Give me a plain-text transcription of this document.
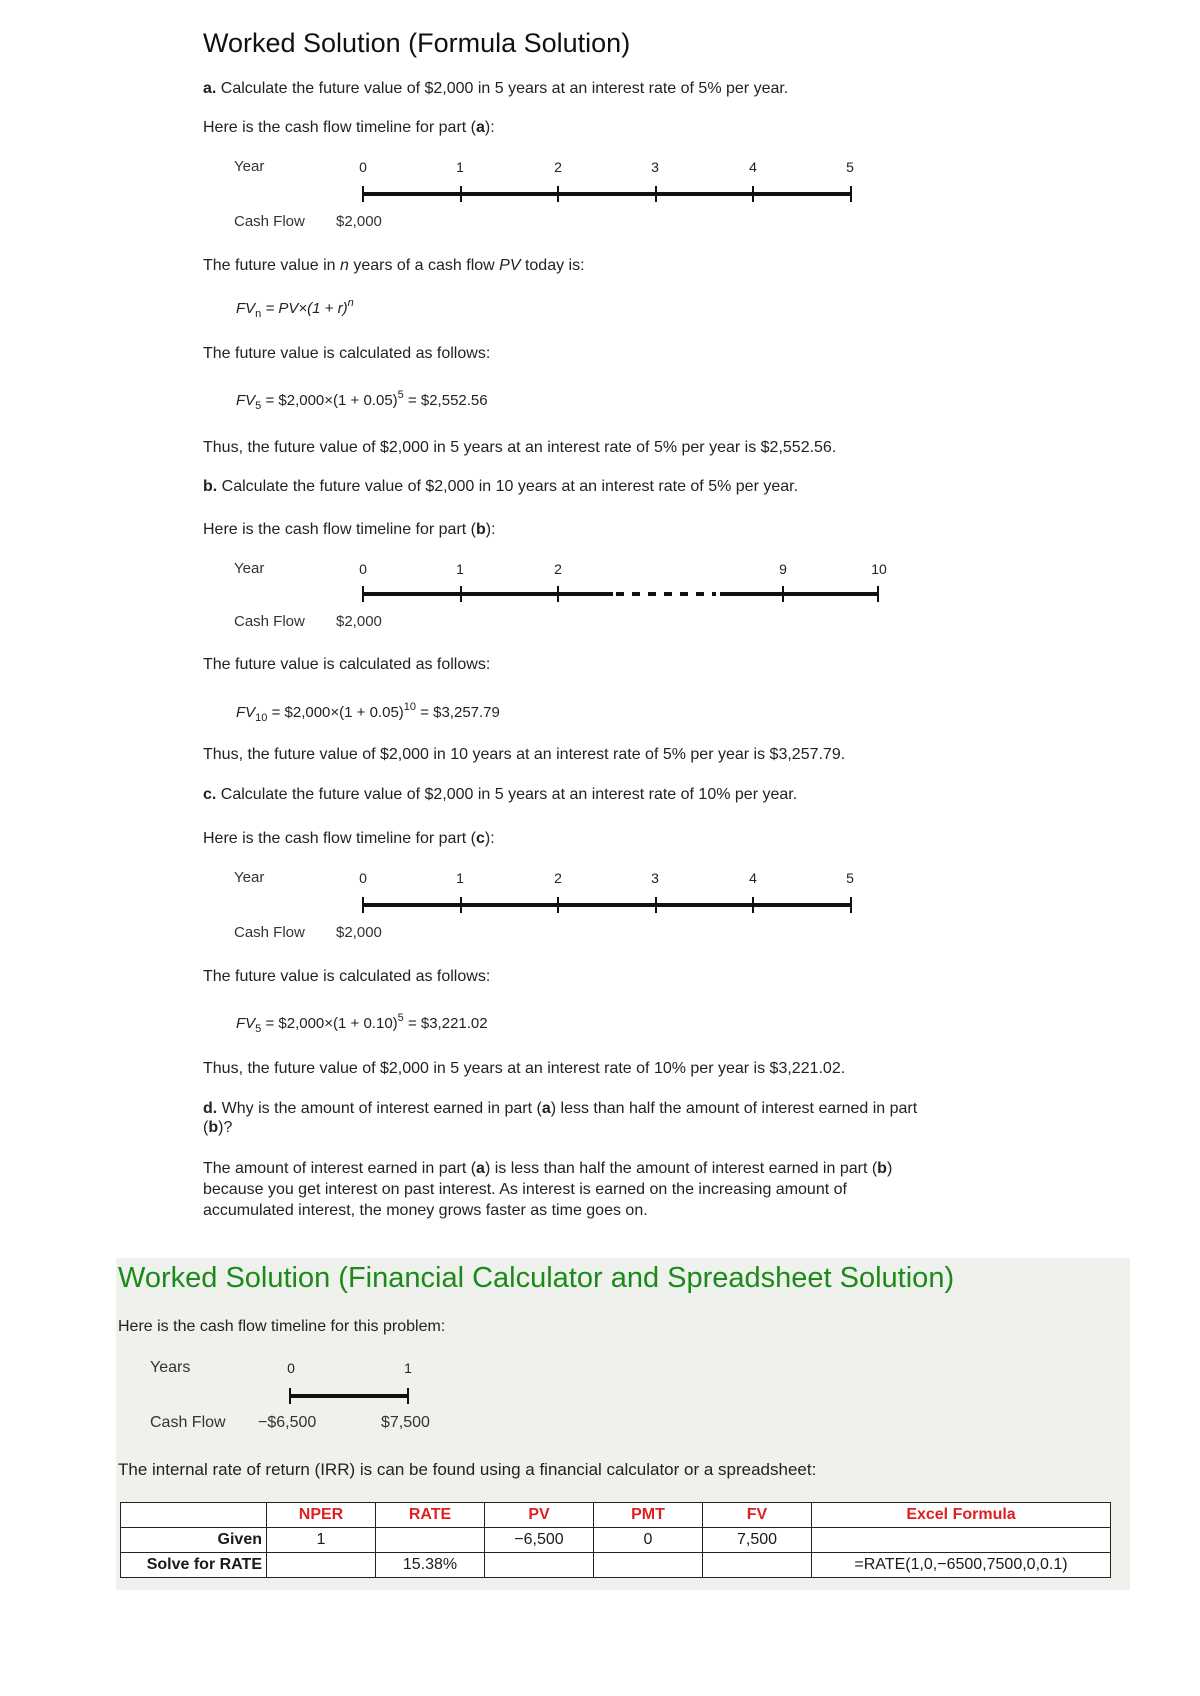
Worked Solution (Formula Solution)
a. Calculate the future value of $2,000 in 5 years at an interest rate of 5% per year.
Here is the cash flow timeline for part (a):
Year	0	1	2	3	4	5
Cash Flow $2,000
The future value in n years of a cash flow PV today is:
$FV_n = PV\times(1 + r)^n$
The future value is calculated as follows:
$FV_5$ = $2,000×(1 + 0.05)$^5$ = $2,552.56
Thus, the future value of $2,000 in 5 years at an interest rate of 5% per year is $2,552.56.
b. Calculate the future value of $2,000 in 10 years at an interest rate of 5% per year.
Here is the cash flow timeline for part (b):
Year	0	1	2	9	10
Cash Flow $2,000
The future value is calculated as follows:
$FV_{10}$ = $2,000×(1 + 0.05)$^{10}$ = $3,257.79
Thus, the future value of $2,000 in 10 years at an interest rate of 5% per year is $3,257.79.
c. Calculate the future value of $2,000 in 5 years at an interest rate of 10% per year.
Here is the cash flow timeline for part (c):
Year	0	1	2	3	4	5
Cash Flow $2,000
The future value is calculated as follows:
$FV_5$ = $2,000×(1 + 0.10)$^5$ = $3,221.02
Thus, the future value of $2,000 in 5 years at an interest rate of 10% per year is $3,221.02.
d. Why is the amount of interest earned in part (a) less than half the amount of interest earned in part
(b)?
The amount of interest earned in part (a) is less than half the amount of interest earned in part (b)
because you get interest on past interest. As interest is earned on the increasing amount of
accumulated interest, the money grows faster as time goes on.
Worked Solution (Financial Calculator and Spreadsheet Solution)
Here is the cash flow timeline for this problem:
Years	0	1
Cash Flow −$6,500	$7,500
The internal rate of return (IRR) is can be found using a financial calculator or a spreadsheet:
	NPER	RATE	PV	PMT	FV	Excel Formula
Given	1		−6,500	0	7,500	
Solve for RATE		15.38%				=RATE(1,0,−6500,7500,0,0.1)
